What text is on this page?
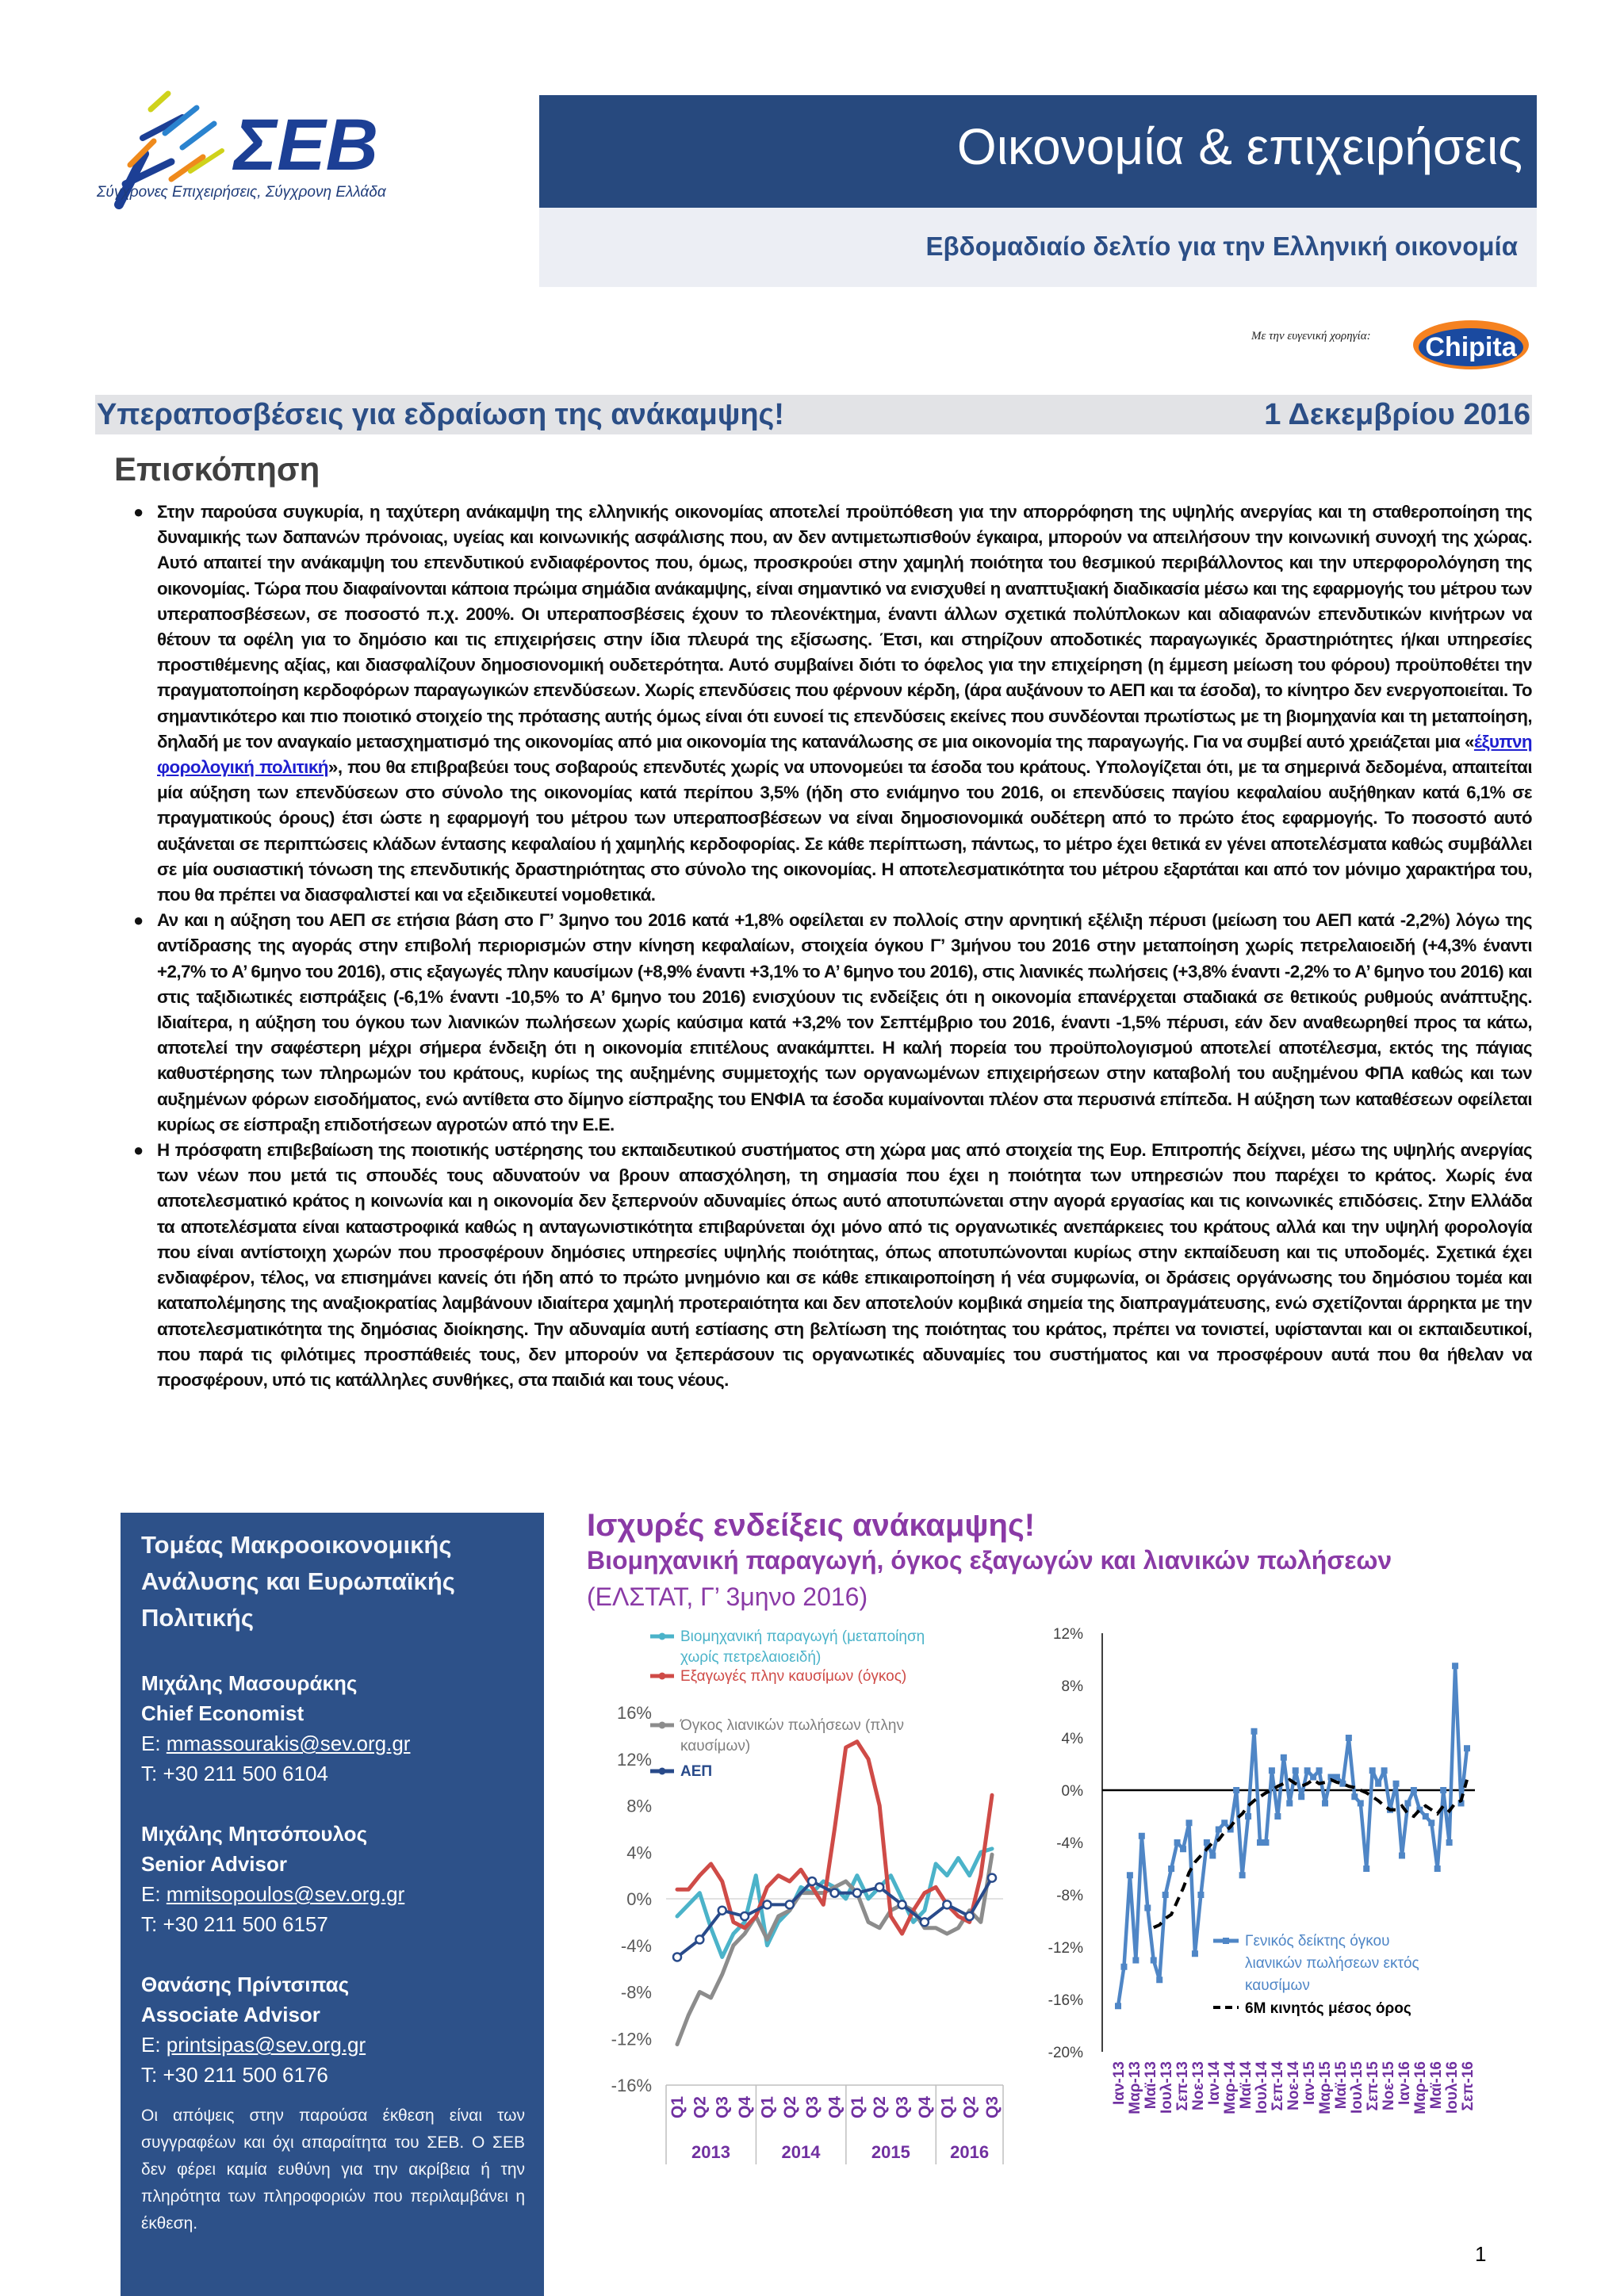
ΣΕΒ
Σύγχρονες Επιχειρήσεις, Σύγχρονη Ελλάδα
Οικονομία & επιχειρήσεις
Εβδομαδιαίο δελτίο για την Ελληνική οικονομία
Με την ευγενική χορηγία: Chipita
Υπεραποσβέσεις για εδραίωση της ανάκαμψης!	1 Δεκεμβρίου 2016
Επισκόπηση
● Στην παρούσα συγκυρία, η ταχύτερη ανάκαμψη της ελληνικής οικονομίας αποτελεί προϋπόθεση για την απορρόφηση της υψηλής ανεργίας και τη σταθεροποίηση της δυναμικής των δαπανών πρόνοιας, υγείας και κοινωνικής ασφάλισης που, αν δεν αντιμετωπισθούν έγκαιρα, μπορούν να απειλήσουν την κοινωνική συνοχή της χώρας. Αυτό απαιτεί την ανάκαμψη του επενδυτικού ενδιαφέροντος που, όμως, προσκρούει στην χαμηλή ποιότητα του θεσμικού περιβάλλοντος και την υπερφορολόγηση της οικονομίας. Τώρα που διαφαίνονται κάποια πρώιμα σημάδια ανάκαμψης, είναι σημαντικό να ενισχυθεί η αναπτυξιακή διαδικασία μέσω και της εφαρμογής του μέτρου των υπεραποσβέσεων, σε ποσοστό π.χ. 200%. Οι υπεραποσβέσεις έχουν το πλεονέκτημα, έναντι άλλων σχετικά πολύπλοκων και αδιαφανών επενδυτικών κινήτρων να θέτουν τα οφέλη για το δημόσιο και τις επιχειρήσεις στην ίδια πλευρά της εξίσωσης. Έτσι, και στηρίζουν αποδοτικές παραγωγικές δραστηριότητες ή/και υπηρεσίες προστιθέμενης αξίας, και διασφαλίζουν δημοσιονομική ουδετερότητα. Αυτό συμβαίνει διότι το όφελος για την επιχείρηση (η έμμεση μείωση του φόρου) προϋποθέτει την πραγματοποίηση κερδοφόρων παραγωγικών επενδύσεων. Χωρίς επενδύσεις που φέρνουν κέρδη, (άρα αυξάνουν το ΑΕΠ και τα έσοδα), το κίνητρο δεν ενεργοποιείται. Το σημαντικότερο και πιο ποιοτικό στοιχείο της πρότασης αυτής όμως είναι ότι ευνοεί τις επενδύσεις εκείνες που συνδέονται πρωτίστως με τη βιομηχανία και τη μεταποίηση, δηλαδή με τον αναγκαίο μετασχηματισμό της οικονομίας από μια οικονομία της κατανάλωσης σε μια οικονομία της παραγωγής. Για να συμβεί αυτό χρειάζεται μια «έξυπνη φορολογική πολιτική», που θα επιβραβεύει τους σοβαρούς επενδυτές χωρίς να υπονομεύει τα έσοδα του κράτους. Υπολογίζεται ότι, με τα σημερινά δεδομένα, απαιτείται μία αύξηση των επενδύσεων στο σύνολο της οικονομίας κατά περίπου 3,5% (ήδη στο ενιάμηνο του 2016, οι επενδύσεις παγίου κεφαλαίου αυξήθηκαν κατά 6,1% σε πραγματικούς όρους) έτσι ώστε η εφαρμογή του μέτρου των υπεραποσβέσεων να είναι δημοσιονομικά ουδέτερη από το πρώτο έτος εφαρμογής. Το ποσοστό αυτό αυξάνεται σε περιπτώσεις κλάδων έντασης κεφαλαίου ή χαμηλής κερδοφορίας. Σε κάθε περίπτωση, πάντως, το μέτρο έχει θετικά εν γένει αποτελέσματα καθώς συμβάλλει σε μία ουσιαστική τόνωση της επενδυτικής δραστηριότητας στο σύνολο της οικονομίας. Η αποτελεσματικότητα του μέτρου εξαρτάται και από τον μόνιμο χαρακτήρα του, που θα πρέπει να διασφαλιστεί και να εξειδικευτεί νομοθετικά.
● Αν και η αύξηση του ΑΕΠ σε ετήσια βάση στο Γ’ 3μηνο του 2016 κατά +1,8% οφείλεται εν πολλοίς στην αρνητική εξέλιξη πέρυσι (μείωση του ΑΕΠ κατά -2,2%) λόγω της αντίδρασης της αγοράς στην επιβολή περιορισμών στην κίνηση κεφαλαίων, στοιχεία όγκου Γ’ 3μήνου του 2016 στην μεταποίηση χωρίς πετρελαιοειδή (+4,3% έναντι +2,7% το Α’ 6μηνο του 2016), στις εξαγωγές πλην καυσίμων (+8,9% έναντι +3,1% το Α’ 6μηνο του 2016), στις λιανικές πωλήσεις (+3,8% έναντι -2,2% το Α’ 6μηνο του 2016) και στις ταξιδιωτικές εισπράξεις (-6,1% έναντι -10,5% το Α’ 6μηνο του 2016) ενισχύουν τις ενδείξεις ότι η οικονομία επανέρχεται σταδιακά σε θετικούς ρυθμούς ανάπτυξης. Ιδιαίτερα, η αύξηση του όγκου των λιανικών πωλήσεων χωρίς καύσιμα κατά +3,2% τον Σεπτέμβριο του 2016, έναντι -1,5% πέρυσι, εάν δεν αναθεωρηθεί προς τα κάτω, αποτελεί την σαφέστερη μέχρι σήμερα ένδειξη ότι η οικονομία επιτέλους ανακάμπτει. Η καλή πορεία του προϋπολογισμού αποτελεί αποτέλεσμα, εκτός της πάγιας καθυστέρησης των πληρωμών του κράτους, κυρίως της αυξημένης συμμετοχής των οργανωμένων επιχειρήσεων στην καταβολή του αυξημένου ΦΠΑ καθώς και των αυξημένων φόρων εισοδήματος, ενώ αντίθετα στο δίμηνο είσπραξης του ΕΝΦΙΑ τα έσοδα κυμαίνονται πλέον στα περυσινά επίπεδα. Η αύξηση των καταθέσεων οφείλεται κυρίως σε είσπραξη επιδοτήσεων αγροτών από την Ε.Ε.
● Η πρόσφατη επιβεβαίωση της ποιοτικής υστέρησης του εκπαιδευτικού συστήματος στη χώρα μας από στοιχεία της Ευρ. Επιτροπής δείχνει, μέσω της υψηλής ανεργίας των νέων που μετά τις σπουδές τους αδυνατούν να βρουν απασχόληση, τη σημασία που έχει η ποιότητα των υπηρεσιών που παρέχει το κράτος. Χωρίς ένα αποτελεσματικό κράτος η κοινωνία και η οικονομία δεν ξεπερνούν αδυναμίες όπως αυτό αποτυπώνεται στην αγορά εργασίας και τις κοινωνικές επιδόσεις. Στην Ελλάδα τα αποτελέσματα είναι καταστροφικά καθώς η ανταγωνιστικότητα επιβαρύνεται όχι μόνο από τις οργανωτικές ανεπάρκειες του κράτους αλλά και την υψηλή φορολογία που είναι αντίστοιχη χωρών που προσφέρουν δημόσιες υπηρεσίες υψηλής ποιότητας, όπως αποτυπώνονται κυρίως στην εκπαίδευση και τις υποδομές. Σχετικά έχει ενδιαφέρον, τέλος, να επισημάνει κανείς ότι ήδη από το πρώτο μνημόνιο και σε κάθε επικαιροποίηση ή νέα συμφωνία, οι δράσεις οργάνωσης του δημόσιου τομέα και καταπολέμησης της αναξιοκρατίας λαμβάνουν ιδιαίτερα χαμηλή προτεραιότητα και δεν αποτελούν κομβικά σημεία της διαπραγμάτευσης, ενώ σχετίζονται άρρηκτα με την αποτελεσματικότητα της δημόσιας διοίκησης. Την αδυναμία αυτή εστίασης στη βελτίωση της ποιότητας του κράτος, πρέπει να τονιστεί, υφίστανται και οι εκπαιδευτικοί, που παρά τις φιλότιμες προσπάθειές τους, δεν μπορούν να ξεπεράσουν τις οργανωτικές αδυναμίες του συστήματος και να προσφέρουν αυτά που θα ήθελαν να προσφέρουν, υπό τις κατάλληλες συνθήκες, στα παιδιά και τους νέους.
Τομέας Μακροοικονομικής Ανάλυσης και Ευρωπαϊκής Πολιτικής
Μιχάλης Μασουράκης
Chief Economist
E: mmassourakis@sev.org.gr
T: +30 211 500 6104
Μιχάλης Μητσόπουλος
Senior Advisor
E: mmitsopoulos@sev.org.gr
T: +30 211 500 6157
Θανάσης Πρίντσιπας
Associate Advisor
E: printsipas@sev.org.gr
T: +30 211 500 6176
Οι απόψεις στην παρούσα έκθεση είναι των συγγραφέων και όχι απαραίτητα του ΣΕΒ. Ο ΣΕΒ δεν φέρει καμία ευθύνη για την ακρίβεια ή την πληρότητα των πληροφοριών που περιλαμβάνει η έκθεση.
Ισχυρές ενδείξεις ανάκαμψης!
Βιομηχανική παραγωγή, όγκος εξαγωγών και λιανικών πωλήσεων
(ΕΛΣΤΑΤ, Γ’ 3μηνο 2016)
16%
12%
8%
4%
0%
-4%
-8%
-12%
-16%
Βιομηχανική παραγωγή (μεταποίηση
χωρίς πετρελαιοειδή)
Εξαγωγές πλην καυσίμων (όγκος)
Όγκος λιανικών πωλήσεων (πλην
καυσίμων)
ΑΕΠ
Q1 Q2 Q3 Q4 Q1 Q2 Q3 Q4 Q1 Q2 Q3 Q4 Q1 Q2 Q3
2013	2014	2015 2016
12%
8%
4%
0%
-4%
-8%
-12%
-16%
-20%
Γενικός δείκτης όγκου
λιανικών πωλήσεων εκτός
καυσίμων
6Μ κινητός μέσος όρος
Ιαν-13 Μαρ-13 Μαϊ-13 Ιουλ-13 Σεπ-13 Νοε-13 Ιαν-14 Μαρ-14 Μαϊ-14 Ιουλ-14 Σεπ-14 Νοε-14 Ιαν-15 Μαρ-15 Μαϊ-15 Ιουλ-15 Σεπ-15 Νοε-15 Ιαν-16 Μαρ-16 Μαϊ-16 Ιουλ-16 Σεπ-16
1
